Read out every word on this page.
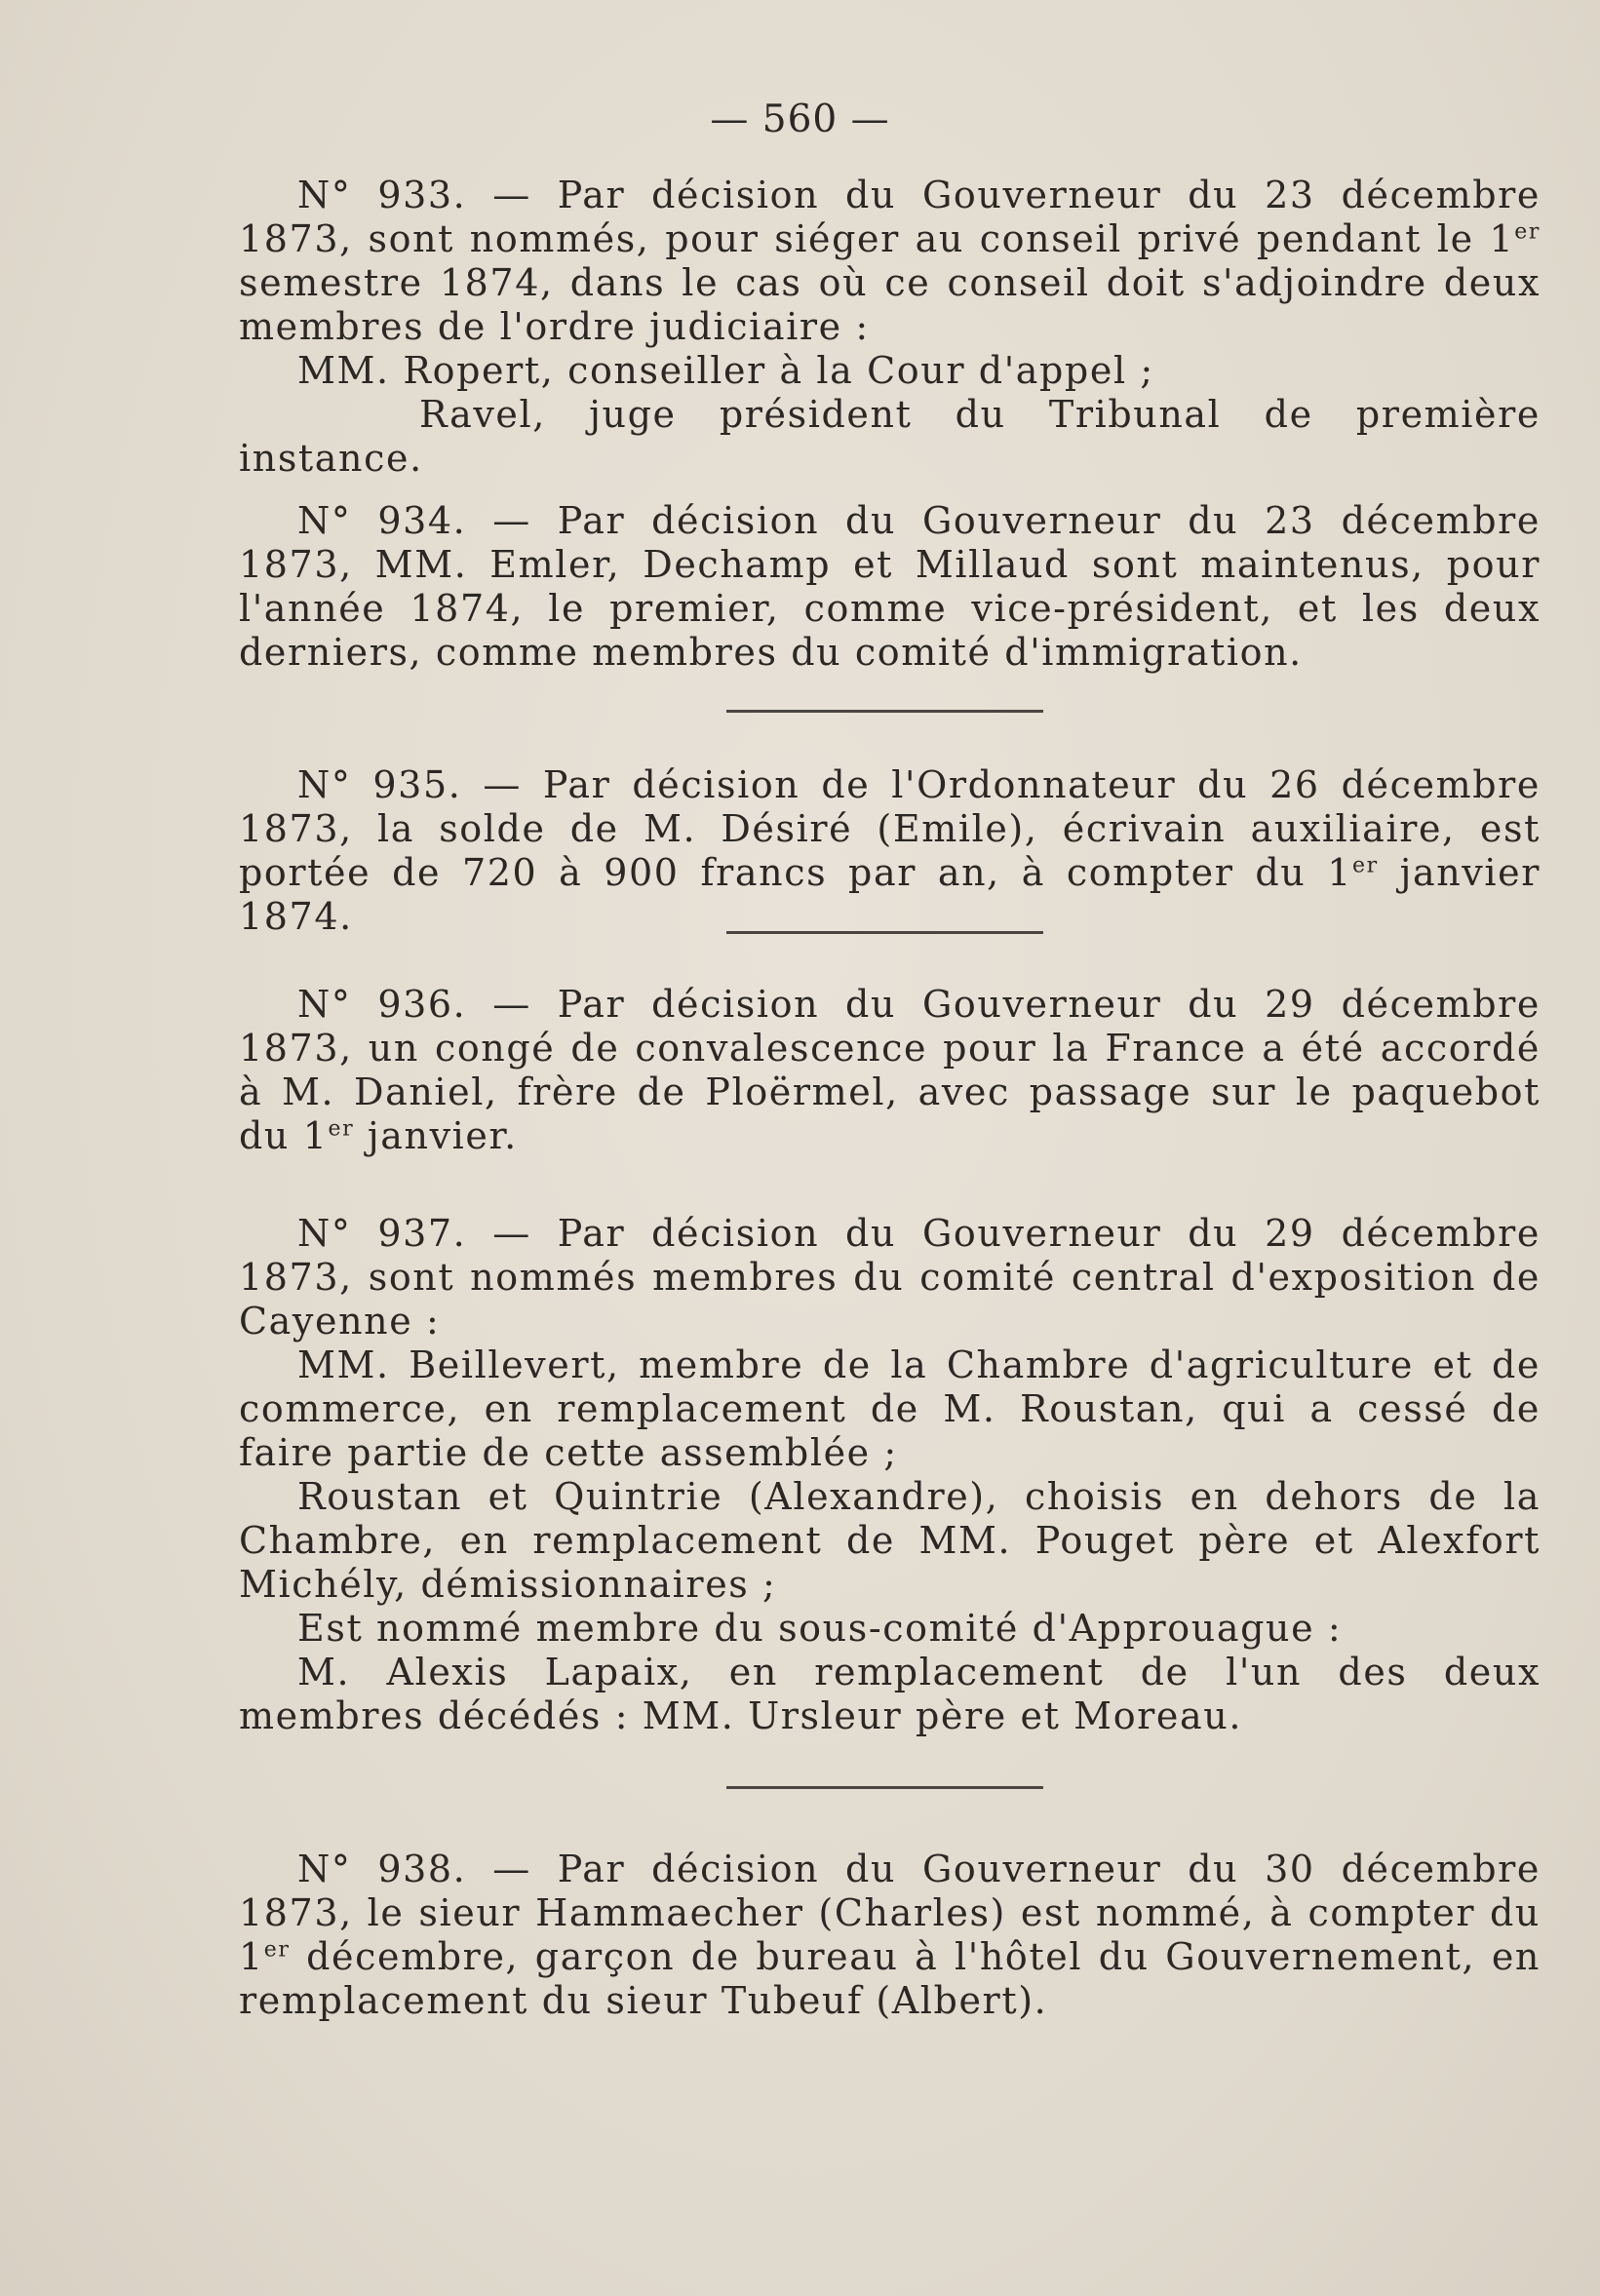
— 560 —

N° 933. — Par décision du Gouverneur du 23 décembre 1873, sont nommés, pour siéger au conseil privé pendant le 1er semestre 1874, dans le cas où ce conseil doit s'adjoindre deux membres de l'ordre judiciaire :

MM. Ropert, conseiller à la Cour d'appel ;

Ravel, juge président du Tribunal de première instance.

N° 934. — Par décision du Gouverneur du 23 décembre 1873, MM. Emler, Dechamp et Millaud sont maintenus, pour l'année 1874, le premier, comme vice-président, et les deux derniers, comme membres du comité d'immigration.

N° 935. — Par décision de l'Ordonnateur du 26 décembre 1873, la solde de M. Désiré (Emile), écrivain auxiliaire, est portée de 720 à 900 francs par an, à compter du 1er janvier 1874.

N° 936. — Par décision du Gouverneur du 29 décembre 1873, un congé de convalescence pour la France a été accordé à M. Daniel, frère de Ploërmel, avec passage sur le paquebot du 1er janvier.

N° 937. — Par décision du Gouverneur du 29 décembre 1873, sont nommés membres du comité central d'exposition de Cayenne :

MM. Beillevert, membre de la Chambre d'agriculture et de commerce, en remplacement de M. Roustan, qui a cessé de faire partie de cette assemblée ;

Roustan et Quintrie (Alexandre), choisis en dehors de la Chambre, en remplacement de MM. Pouget père et Alexfort Michély, démissionnaires ;

Est nommé membre du sous-comité d'Approuague :

M. Alexis Lapaix, en remplacement de l'un des deux membres décédés : MM. Ursleur père et Moreau.

N° 938. — Par décision du Gouverneur du 30 décembre 1873, le sieur Hammaecher (Charles) est nommé, à compter du 1er décembre, garçon de bureau à l'hôtel du Gouvernement, en remplacement du sieur Tubeuf (Albert).
